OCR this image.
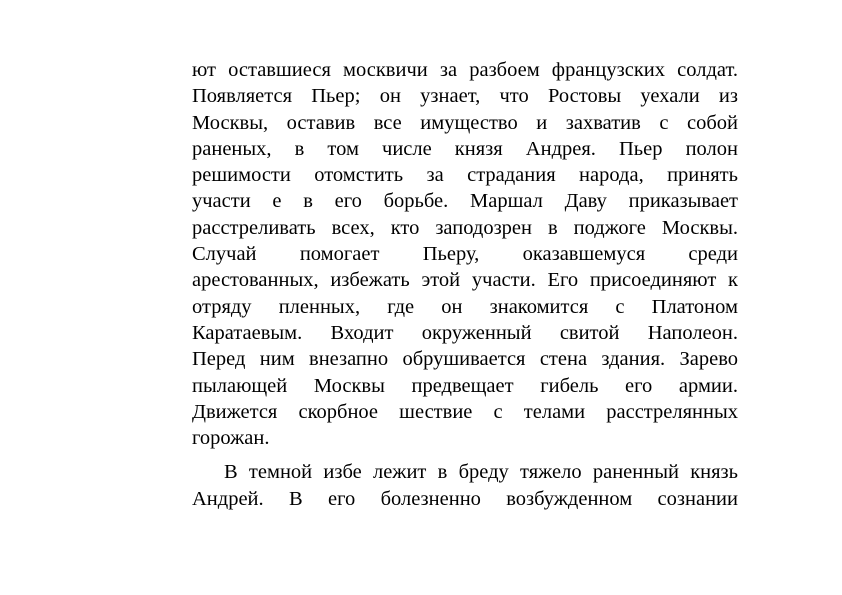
ют оставшиеся москвичи за разбоем французских солдат.
Появляется Пьер; он узнает, что Ростовы уехали из
Москвы, оставив все имущество и захватив с собой
раненых, в том числе князя Андрея. Пьер полон
решимости отомстить за страдания народа, принять
участи е в его борьбе. Маршал Даву приказывает
расстреливать всех, кто заподозрен в поджоге Москвы.
Случай помогает Пьеру, оказавшемуся среди
арестованных, избежать этой участи. Его присоединяют к
отряду пленных, где он знакомится с Платоном
Каратаевым. Входит окруженный свитой Наполеон.
Перед ним внезапно обрушивается стена здания. Зарево
пылающей Москвы предвещает гибель его армии.
Движется скорбное шествие с телами расстрелянных
горожан.
В темной избе лежит в бреду тяжело раненный князь
Андрей. В его болезненно возбужденном сознании
